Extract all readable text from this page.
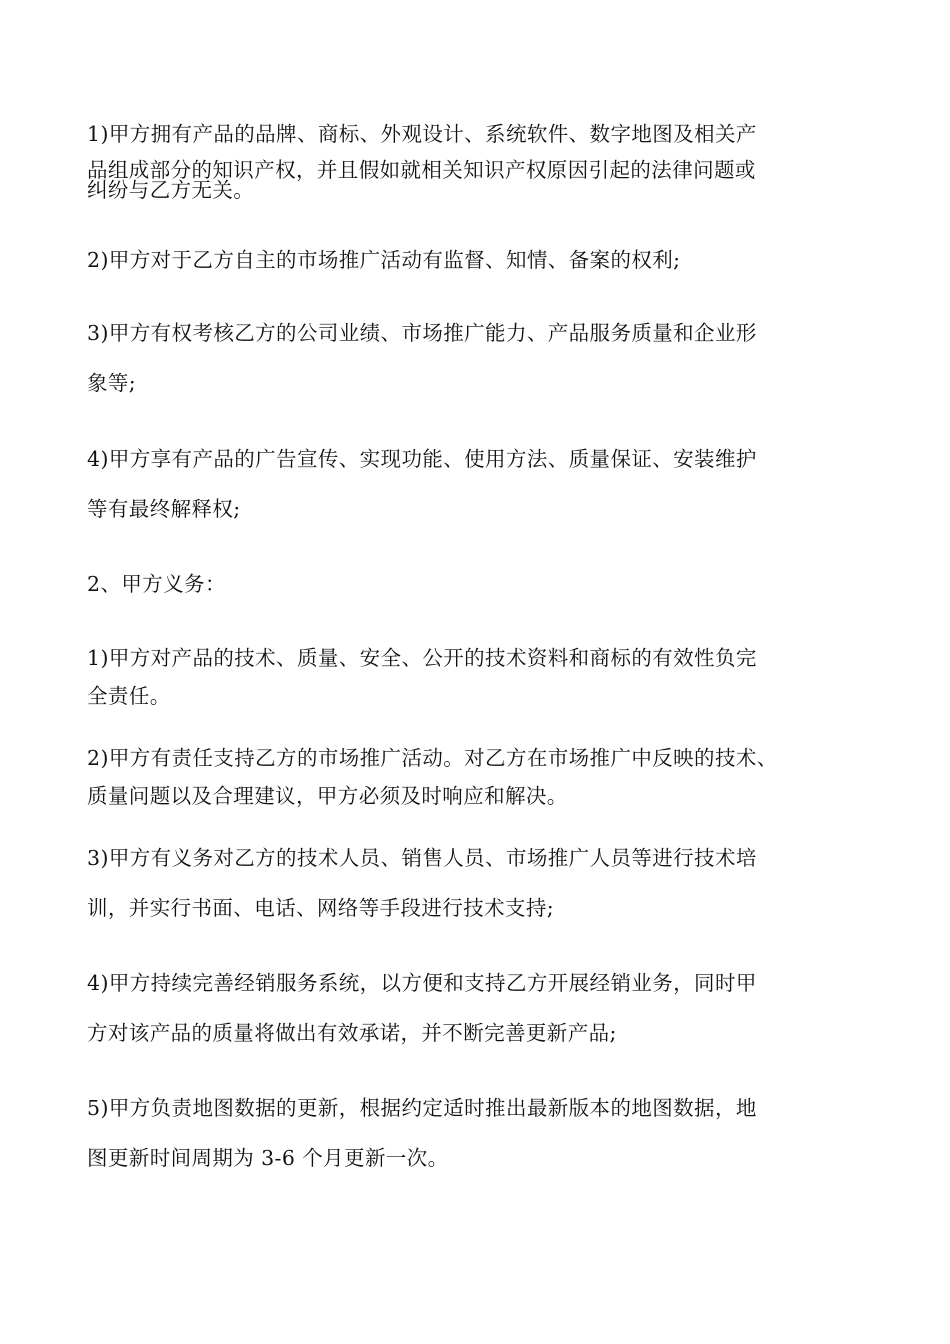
1)甲方拥有产品的品牌、商标、外观设计、系统软件、数字地图及相关产
品组成部分的知识产权，并且假如就相关知识产权原因引起的法律问题或
纠纷与乙方无关。
2)甲方对于乙方自主的市场推广活动有监督、知情、备案的权利;
3)甲方有权考核乙方的公司业绩、市场推广能力、产品服务质量和企业形
象等;
4)甲方享有产品的广告宣传、实现功能、使用方法、质量保证、安装维护
等有最终解释权;
2、甲方义务：
1)甲方对产品的技术、质量、安全、公开的技术资料和商标的有效性负完
全责任。
2)甲方有责任支持乙方的市场推广活动。对乙方在市场推广中反映的技术、
质量问题以及合理建议，甲方必须及时响应和解决。
3)甲方有义务对乙方的技术人员、销售人员、市场推广人员等进行技术培
训，并实行书面、电话、网络等手段进行技术支持;
4)甲方持续完善经销服务系统，以方便和支持乙方开展经销业务，同时甲
方对该产品的质量将做出有效承诺，并不断完善更新产品;
5)甲方负责地图数据的更新，根据约定适时推出最新版本的地图数据，地
图更新时间周期为 3-6 个月更新一次。
